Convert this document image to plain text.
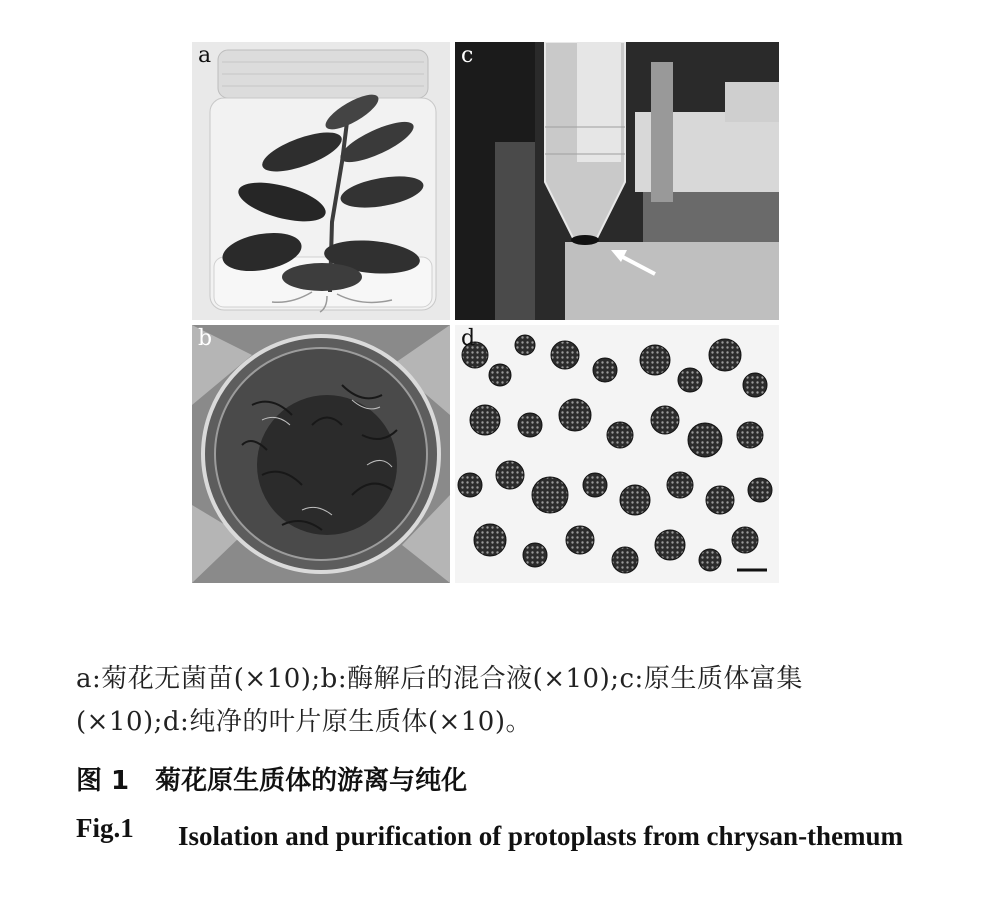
a	c
b	d
a:菊花无菌苗(×10);b:酶解后的混合液(×10);c:原生质体富集(×10);d:纯净的叶片原生质体(×10)。
图 1　菊花原生质体的游离与纯化
Fig.1 Isolation and purification of protoplasts from chrysan-themum
